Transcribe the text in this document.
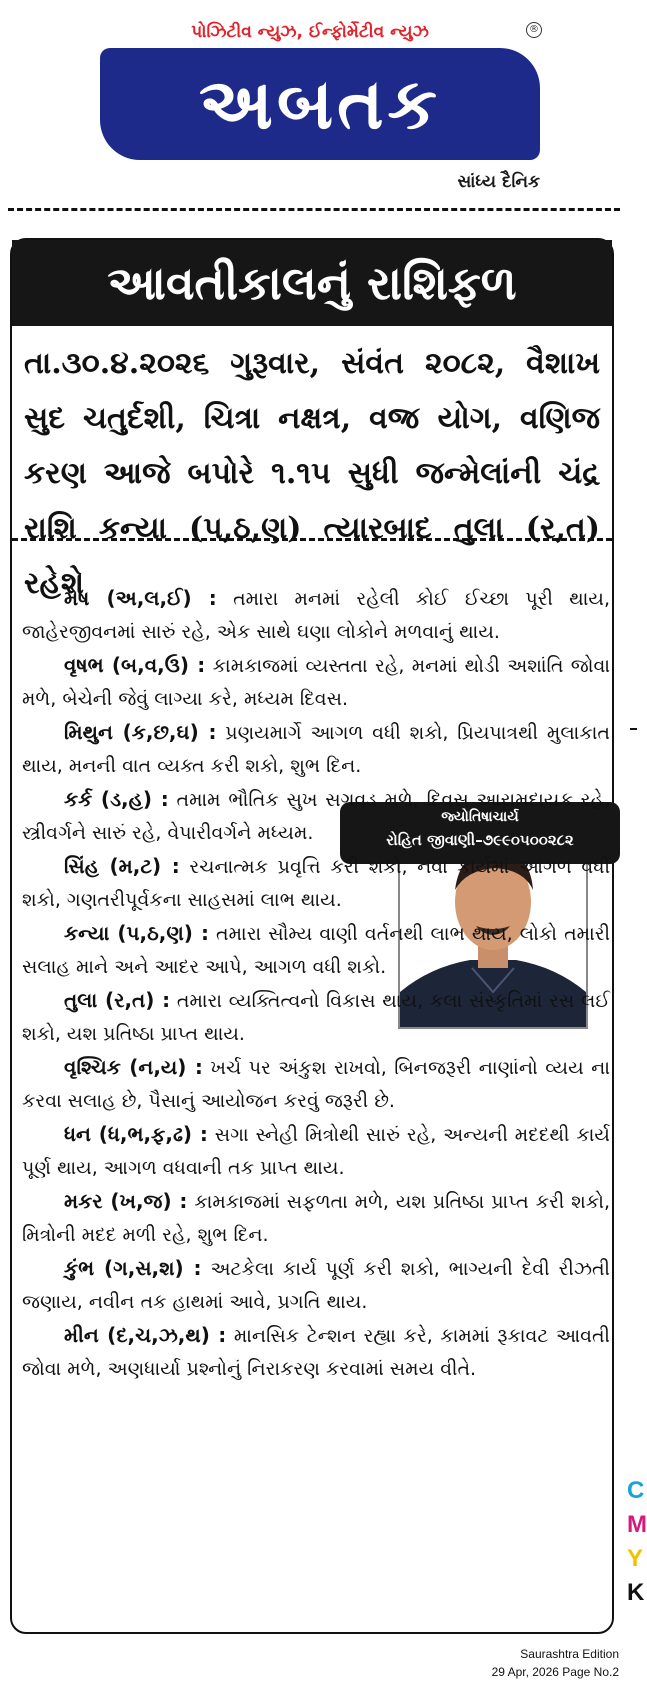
પોઝિટીવ ન્યુઝ, ઈન્ફોર્મેટીવ ન્યુઝ	®
અબતક
સાંધ્ય દૈનિક
આવતીકાલનું રાશિફળ
તા.૩૦.૪.૨૦૨૬ ગુરૂવાર, સંવંત ૨૦૮૨, વૈશાખ સુદ ચતુર્દશી, ચિત્રા નક્ષત્ર, વજ્ર યોગ, વણિજ કરણ આજે બપોરે ૧.૧૫ સુધી જન્મેલાંની ચંદ્ર રાશિ કન્યા (પ,ઠ,ણ) ત્યારબાદ તુલા (ર,ત) રહેશે
જ્યોતિષાચાર્ય
રોહિત જીવાણી–૭૯૯૦૫૦૦૨૮૨

મેષ (અ,લ,ઈ) : તમારા મનમાં રહેલી કોઈ ઈચ્છા પૂરી થાય, જાહેરજીવનમાં સારું રહે, એક સાથે ઘણા લોકોને મળવાનું થાય.

વૃષભ (બ,વ,ઉ) : કામકાજમાં વ્યસ્તતા રહે, મનમાં થોડી અશાંતિ જોવા મળે, બેચેની જેવું લાગ્યા કરે, મધ્યમ દિવસ.

મિથુન (ક,છ,ઘ) : પ્રણયમાર્ગે આગળ વધી શકો, પ્રિયપાત્રથી મુલાકાત થાય, મનની વાત વ્યક્ત કરી શકો, શુભ દિન.

કર્ક (ડ,હ) : તમામ ભૌતિક સુખ સગવડ મળે, દિવસ આરામદાયક રહે, સ્ત્રીવર્ગને સારું રહે, વેપારીવર્ગને મધ્યમ.

સિંહ (મ,ટ) : રચનાત્મક પ્રવૃત્તિ કરી શકો, નવા કાર્યમાં આગળ વધી શકો, ગણતરીપૂર્વકના સાહસમાં લાભ થાય.

કન્યા (પ,ઠ,ણ) : તમારા સૌમ્ય વાણી વર્તનથી લાભ થાય, લોકો તમારી સલાહ માને અને આદર આપે, આગળ વધી શકો.

તુલા (ર,ત) : તમારા વ્યક્તિત્વનો વિકાસ થાય, કલા સંસ્કૃતિમાં રસ લઈ શકો, યશ પ્રતિષ્ઠા પ્રાપ્ત થાય.

વૃશ્ચિક (ન,ય) : ખર્ચ પર અંકુશ રાખવો, બિનજરૂરી નાણાંનો વ્યય ના કરવા સલાહ છે, પૈસાનું આયોજન કરવું જરૂરી છે.

ધન (ધ,ભ,ફ,ઢ) : સગા સ્નેહી મિત્રોથી સારું રહે, અન્યની મદદથી કાર્ય પૂર્ણ થાય, આગળ વધવાની તક પ્રાપ્ત થાય.

મકર (ખ,જ) : કામકાજમાં સફળતા મળે, યશ પ્રતિષ્ઠા પ્રાપ્ત કરી શકો, મિત્રોની મદદ મળી રહે, શુભ દિન.

કુંભ (ગ,સ,શ) : અટકેલા કાર્ય પૂર્ણ કરી શકો, ભાગ્યની દેવી રીઝતી જણાય, નવીન તક હાથમાં આવે, પ્રગતિ થાય.

મીન (દ,ચ,ઝ,થ) : માનસિક ટેન્શન રહ્યા કરે, કામમાં રૂકાવટ આવતી જોવા મળે, અણધાર્યા પ્રશ્નોનું નિરાકરણ કરવામાં સમય વીતે.

C
M
Y
K
Saurashtra Edition
29 Apr, 2026 Page No.2
